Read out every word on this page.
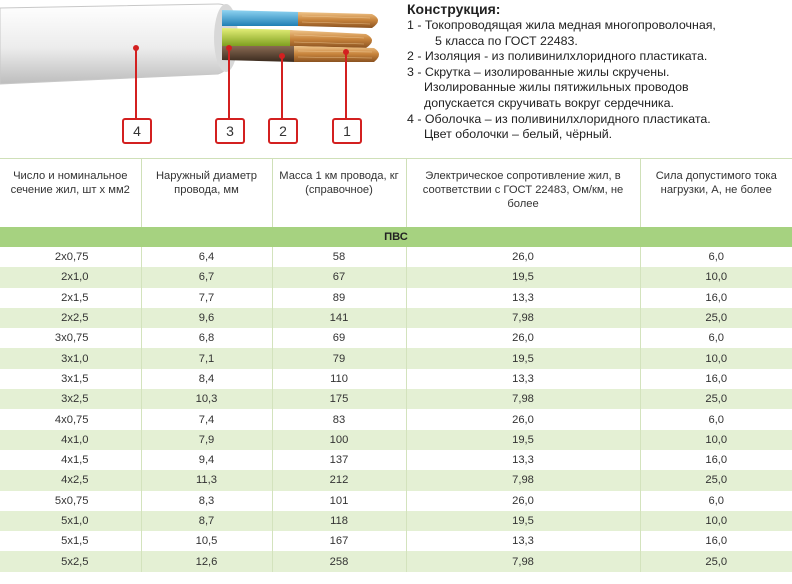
4	3	2	1
Конструкция:
1 - Токопроводящая жила медная многопроволочная,
5 класса по ГОСТ 22483.
2 - Изоляция - из поливинилхлоридного пластиката.
3 - Скрутка – изолированные жилы скручены.
Изолированные жилы пятижильных проводов
допускается скручивать вокруг сердечника.
4 - Оболочка – из поливинилхлоридного пластиката.
Цвет оболочки – белый, чёрный.
Число и номинальное сечение жил, шт х мм2	Наружный диаметр провода, мм	Масса 1 км провода, кг (справочное)	Электрическое сопротивление жил, в соответствии с ГОСТ 22483, Ом/км, не более	Сила допустимого тока нагрузки, А, не более
ПВС				
2х0,75	6,4	58	26,0	6,0
2х1,0	6,7	67	19,5	10,0
2х1,5	7,7	89	13,3	16,0
2х2,5	9,6	141	7,98	25,0
3х0,75	6,8	69	26,0	6,0
3х1,0	7,1	79	19,5	10,0
3х1,5	8,4	110	13,3	16,0
3х2,5	10,3	175	7,98	25,0
4х0,75	7,4	83	26,0	6,0
4х1,0	7,9	100	19,5	10,0
4х1,5	9,4	137	13,3	16,0
4х2,5	11,3	212	7,98	25,0
5х0,75	8,3	101	26,0	6,0
5х1,0	8,7	118	19,5	10,0
5х1,5	10,5	167	13,3	16,0
5х2,5	12,6	258	7,98	25,0
